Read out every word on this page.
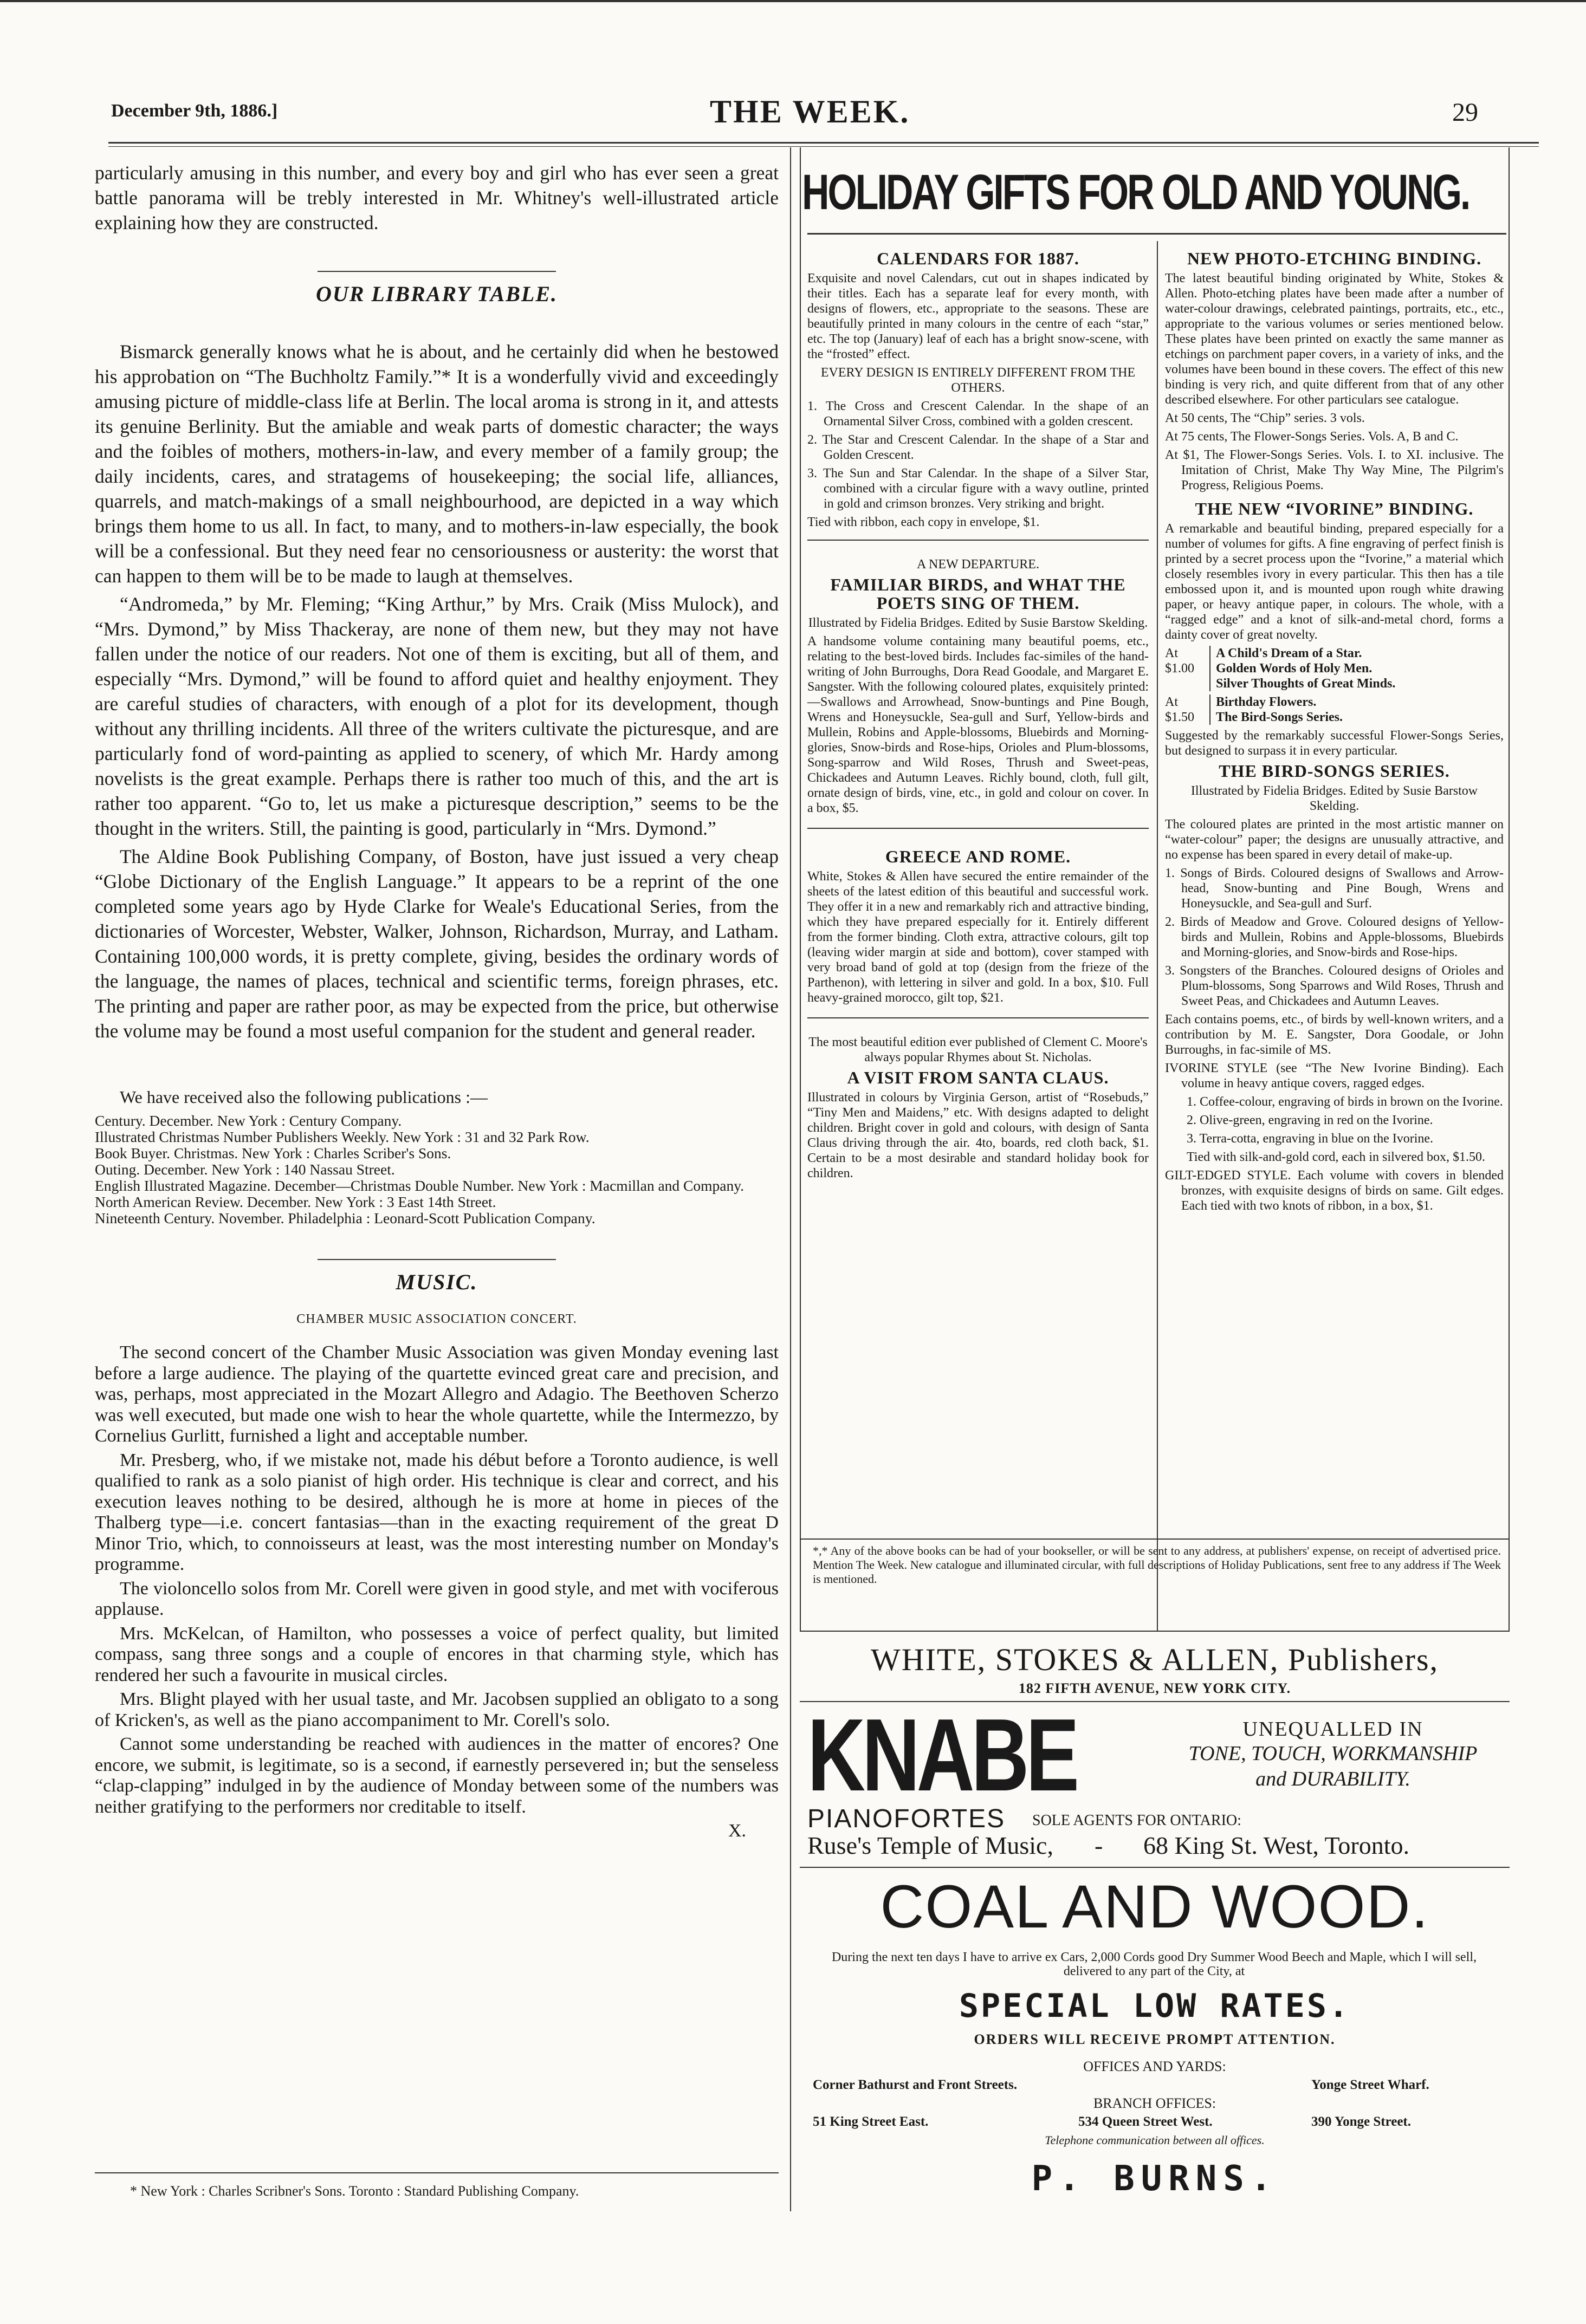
December 9th, 1886.]	THE WEEK.	29

particularly amusing in this number, and every boy and girl who has ever seen a great battle panorama will be trebly interested in Mr. Whitney's well-illustrated article explaining how they are constructed.

OUR LIBRARY TABLE.

Bismarck generally knows what he is about, and he certainly did when he bestowed his approbation on “The Buchholtz Family.”* It is a wonderfully vivid and exceedingly amusing picture of middle-class life at Berlin. The local aroma is strong in it, and attests its genuine Berlinity. But the amiable and weak parts of domestic character; the ways and the foibles of mothers, mothers-in-law, and every member of a family group; the daily incidents, cares, and stratagems of housekeeping; the social life, alliances, quarrels, and match-makings of a small neighbourhood, are depicted in a way which brings them home to us all. In fact, to many, and to mothers-in-law especially, the book will be a confessional. But they need fear no censoriousness or austerity: the worst that can happen to them will be to be made to laugh at themselves.

“Andromeda,” by Mr. Fleming; “King Arthur,” by Mrs. Craik (Miss Mulock), and “Mrs. Dymond,” by Miss Thackeray, are none of them new, but they may not have fallen under the notice of our readers. Not one of them is exciting, but all of them, and especially “Mrs. Dymond,” will be found to afford quiet and healthy enjoyment. They are careful studies of characters, with enough of a plot for its development, though without any thrilling incidents. All three of the writers cultivate the picturesque, and are particularly fond of word-painting as applied to scenery, of which Mr. Hardy among novelists is the great example. Perhaps there is rather too much of this, and the art is rather too apparent. “Go to, let us make a picturesque description,” seems to be the thought in the writers. Still, the painting is good, particularly in “Mrs. Dymond.”

The Aldine Book Publishing Company, of Boston, have just issued a very cheap “Globe Dictionary of the English Language.” It appears to be a reprint of the one completed some years ago by Hyde Clarke for Weale's Educational Series, from the dictionaries of Worcester, Webster, Walker, Johnson, Richardson, Murray, and Latham. Containing 100,000 words, it is pretty complete, giving, besides the ordinary words of the language, the names of places, technical and scientific terms, foreign phrases, etc. The printing and paper are rather poor, as may be expected from the price, but otherwise the volume may be found a most useful companion for the student and general reader.

We have received also the following publications :—

Century. December. New York : Century Company.
Illustrated Christmas Number Publishers Weekly. New York : 31 and 32 Park Row.
Book Buyer. Christmas. New York : Charles Scriber's Sons.
Outing. December. New York : 140 Nassau Street.
English Illustrated Magazine. December—Christmas Double Number. New York : Macmillan and Company.
North American Review. December. New York : 3 East 14th Street.
Nineteenth Century. November. Philadelphia : Leonard-Scott Publication Company.
MUSIC.
CHAMBER MUSIC ASSOCIATION CONCERT.

The second concert of the Chamber Music Association was given Monday evening last before a large audience. The playing of the quartette evinced great care and precision, and was, perhaps, most appreciated in the Mozart Allegro and Adagio. The Beethoven Scherzo was well executed, but made one wish to hear the whole quartette, while the Intermezzo, by Cornelius Gurlitt, furnished a light and acceptable number.

Mr. Presberg, who, if we mistake not, made his début before a Toronto audience, is well qualified to rank as a solo pianist of high order. His technique is clear and correct, and his execution leaves nothing to be desired, although he is more at home in pieces of the Thalberg type—i.e. concert fantasias—than in the exacting requirement of the great D Minor Trio, which, to connoisseurs at least, was the most interesting number on Monday's programme.

The violoncello solos from Mr. Corell were given in good style, and met with vociferous applause.

Mrs. McKelcan, of Hamilton, who possesses a voice of perfect quality, but limited compass, sang three songs and a couple of encores in that charming style, which has rendered her such a favourite in musical circles.

Mrs. Blight played with her usual taste, and Mr. Jacobsen supplied an obligato to a song of Kricken's, as well as the piano accompaniment to Mr. Corell's solo.

Cannot some understanding be reached with audiences in the matter of encores? One encore, we submit, is legitimate, so is a second, if earnestly persevered in; but the senseless “clap-clapping” indulged in by the audience of Monday between some of the numbers was neither gratifying to the performers nor creditable to itself.

X.
* New York : Charles Scribner's Sons. Toronto : Standard Publishing Company.
HOLIDAY GIFTS FOR OLD AND YOUNG.
CALENDARS FOR 1887.

Exquisite and novel Calendars, cut out in shapes indicated by their titles. Each has a separate leaf for every month, with designs of flowers, etc., appropriate to the seasons. These are beautifully printed in many colours in the centre of each “star,” etc. The top (January) leaf of each has a bright snow-scene, with the “frosted” effect.

EVERY DESIGN IS ENTIRELY DIFFERENT FROM THE OTHERS.

1. The Cross and Crescent Calendar. In the shape of an Ornamental Silver Cross, combined with a golden crescent.

2. The Star and Crescent Calendar. In the shape of a Star and Golden Crescent.

3. The Sun and Star Calendar. In the shape of a Silver Star, combined with a circular figure with a wavy outline, printed in gold and crimson bronzes. Very striking and bright.

Tied with ribbon, each copy in envelope, $1.

A NEW DEPARTURE.

FAMILIAR BIRDS, and WHAT THE POETS SING OF THEM.

Illustrated by Fidelia Bridges. Edited by Susie Barstow Skelding.

A handsome volume containing many beautiful poems, etc., relating to the best-loved birds. Includes fac-similes of the hand-writing of John Burroughs, Dora Read Goodale, and Margaret E. Sangster. With the following coloured plates, exquisitely printed:—Swallows and Arrowhead, Snow-buntings and Pine Bough, Wrens and Honeysuckle, Sea-gull and Surf, Yellow-birds and Mullein, Robins and Apple-blossoms, Bluebirds and Morning-glories, Snow-birds and Rose-hips, Orioles and Plum-blossoms, Song-sparrow and Wild Roses, Thrush and Sweet-peas, Chickadees and Autumn Leaves. Richly bound, cloth, full gilt, ornate design of birds, vine, etc., in gold and colour on cover. In a box, $5.

GREECE AND ROME.

White, Stokes & Allen have secured the entire remainder of the sheets of the latest edition of this beautiful and successful work. They offer it in a new and remarkably rich and attractive binding, which they have prepared especially for it. Entirely different from the former binding. Cloth extra, attractive colours, gilt top (leaving wider margin at side and bottom), cover stamped with very broad band of gold at top (design from the frieze of the Parthenon), with lettering in silver and gold. In a box, $10. Full heavy-grained morocco, gilt top, $21.

The most beautiful edition ever published of Clement C. Moore's always popular Rhymes about St. Nicholas.

A VISIT FROM SANTA CLAUS.

Illustrated in colours by Virginia Gerson, artist of “Rosebuds,” “Tiny Men and Maidens,” etc. With designs adapted to delight children. Bright cover in gold and colours, with design of Santa Claus driving through the air. 4to, boards, red cloth back, $1. Certain to be a most desirable and standard holiday book for children.

NEW PHOTO-ETCHING BINDING.

The latest beautiful binding originated by White, Stokes & Allen. Photo-etching plates have been made after a number of water-colour drawings, celebrated paintings, portraits, etc., etc., appropriate to the various volumes or series mentioned below. These plates have been printed on exactly the same manner as etchings on parchment paper covers, in a variety of inks, and the volumes have been bound in these covers. The effect of this new binding is very rich, and quite different from that of any other described elsewhere. For other particulars see catalogue.

At 50 cents, The “Chip” series. 3 vols.

At 75 cents, The Flower-Songs Series. Vols. A, B and C.

At $1, The Flower-Songs Series. Vols. I. to XI. inclusive. The Imitation of Christ, Make Thy Way Mine, The Pilgrim's Progress, Religious Poems.

THE NEW “IVORINE” BINDING.

A remarkable and beautiful binding, prepared especially for a number of volumes for gifts. A fine engraving of perfect finish is printed by a secret process upon the “Ivorine,” a material which closely resembles ivory in every particular. This then has a tile embossed upon it, and is mounted upon rough white drawing paper, or heavy antique paper, in colours. The whole, with a “ragged edge” and a knot of silk-and-metal chord, forms a dainty cover of great novelty.

At $1.00
A Child's Dream of a Star.
Golden Words of Holy Men.
Silver Thoughts of Great Minds.
At $1.50
Birthday Flowers.
The Bird-Songs Series.

Suggested by the remarkably successful Flower-Songs Series, but designed to surpass it in every particular.

THE BIRD-SONGS SERIES.

Illustrated by Fidelia Bridges. Edited by Susie Barstow Skelding.

The coloured plates are printed in the most artistic manner on “water-colour” paper; the designs are unusually attractive, and no expense has been spared in every detail of make-up.

1. Songs of Birds. Coloured designs of Swallows and Arrow-head, Snow-bunting and Pine Bough, Wrens and Honeysuckle, and Sea-gull and Surf.

2. Birds of Meadow and Grove. Coloured designs of Yellow-birds and Mullein, Robins and Apple-blossoms, Bluebirds and Morning-glories, and Snow-birds and Rose-hips.

3. Songsters of the Branches. Coloured designs of Orioles and Plum-blossoms, Song Sparrows and Wild Roses, Thrush and Sweet Peas, and Chickadees and Autumn Leaves.

Each contains poems, etc., of birds by well-known writers, and a contribution by M. E. Sangster, Dora Goodale, or John Burroughs, in fac-simile of MS.

IVORINE STYLE (see “The New Ivorine Binding). Each volume in heavy antique covers, ragged edges.

1. Coffee-colour, engraving of birds in brown on the Ivorine.

2. Olive-green, engraving in red on the Ivorine.

3. Terra-cotta, engraving in blue on the Ivorine.

Tied with silk-and-gold cord, each in silvered box, $1.50.

GILT-EDGED STYLE. Each volume with covers in blended bronzes, with exquisite designs of birds on same. Gilt edges. Each tied with two knots of ribbon, in a box, $1.

*,* Any of the above books can be had of your bookseller, or will be sent to any address, at publishers' expense, on receipt of advertised price. Mention The Week. New catalogue and illuminated circular, with full descriptions of Holiday Publications, sent free to any address if The Week is mentioned.
WHITE, STOKES & ALLEN, Publishers,
182 FIFTH AVENUE, NEW YORK CITY.
KNABE	UNEQUALLED IN
TONE, TOUCH, WORKMANSHIP
and DURABILITY.
PIANOFORTES SOLE AGENTS FOR ONTARIO:
Ruse's Temple of Music, - 68 King St. West, Toronto.
COAL AND WOOD.
During the next ten days I have to arrive ex Cars, 2,000 Cords good Dry Summer Wood Beech and Maple, which I will sell, delivered to any part of the City, at
SPECIAL LOW RATES.
ORDERS WILL RECEIVE PROMPT ATTENTION.
OFFICES AND YARDS:
Corner Bathurst and Front Streets.	Yonge Street Wharf.
BRANCH OFFICES:
51 King Street East.	534 Queen Street West.	390 Yonge Street.
Telephone communication between all offices.
P. BURNS.
